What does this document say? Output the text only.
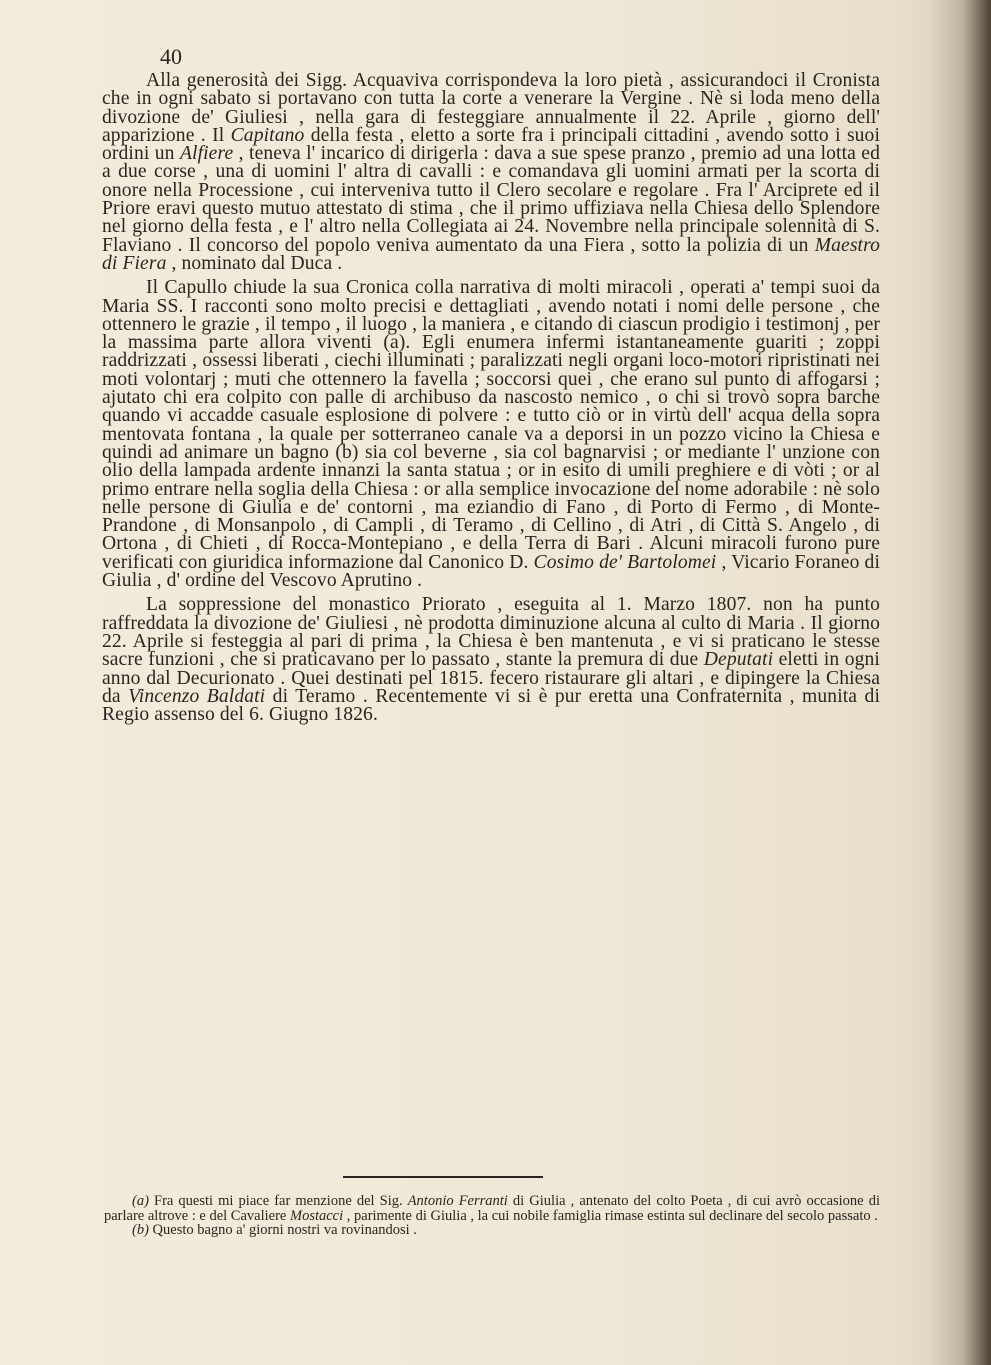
40

Alla generosità dei Sigg. Acquaviva corrispondeva la loro pietà , assicurandoci il Cronista che in ogni sabato si portavano con tutta la corte a venerare la Vergine . Nè si loda meno della divozione de' Giuliesi , nella gara di festeggiare annualmente il 22. Aprile , giorno dell' apparizione . Il Capitano della festa , eletto a sorte fra i principali cittadini , avendo sotto i suoi ordini un Alfiere , teneva l' incarico di dirigerla : dava a sue spese pranzo , premio ad una lotta ed a due corse , una di uomini l' altra di cavalli : e comandava gli uomini armati per la scorta di onore nella Processione , cui interveniva tutto il Clero secolare e regolare . Fra l' Arciprete ed il Priore eravi questo mutuo attestato di stima , che il primo uffiziava nella Chiesa dello Splendore nel giorno della festa , e l' altro nella Collegiata ai 24. Novembre nella principale solennità di S. Flaviano . Il concorso del popolo veniva aumentato da una Fiera , sotto la polizia di un Maestro di Fiera , nominato dal Duca .

Il Capullo chiude la sua Cronica colla narrativa di molti miracoli , operati a' tempi suoi da Maria SS. I racconti sono molto precisi e dettagliati , avendo notati i nomi delle persone , che ottennero le grazie , il tempo , il luogo , la maniera , e citando di ciascun prodigio i testimonj , per la massima parte allora viventi (a). Egli enumera infermi istantaneamente guariti ; zoppi raddrizzati , ossessi liberati , ciechi illuminati ; paralizzati negli organi loco-motori ripristinati nei moti volontarj ; muti che ottennero la favella ; soccorsi quei , che erano sul punto di affogarsi ; ajutato chi era colpito con palle di archibuso da nascosto nemico , o chi si trovò sopra barche quando vi accadde casuale esplosione di polvere : e tutto ciò or in virtù dell' acqua della sopra mentovata fontana , la quale per sotterraneo canale va a deporsi in un pozzo vicino la Chiesa e quindi ad animare un bagno (b) sia col beverne , sia col bagnarvisi ; or mediante l' unzione con olio della lampada ardente innanzi la santa statua ; or in esito di umili preghiere e di vòti ; or al primo entrare nella soglia della Chiesa : or alla semplice invocazione del nome adorabile : nè solo nelle persone di Giulia e de' contorni , ma eziandio di Fano , di Porto di Fermo , di Monte-Prandone , di Monsanpolo , di Campli , di Teramo , di Cellino , di Atri , di Città S. Angelo , di Ortona , di Chieti , di Rocca-Montepiano , e della Terra di Bari . Alcuni miracoli furono pure verificati con giuridica informazione dal Canonico D. Cosimo de' Bartolomei , Vicario Foraneo di Giulia , d' ordine del Vescovo Aprutino .

La soppressione del monastico Priorato , eseguita al 1. Marzo 1807. non ha punto raffreddata la divozione de' Giuliesi , nè prodotta diminuzione alcuna al culto di Maria . Il giorno 22. Aprile si festeggia al pari di prima , la Chiesa è ben mantenuta , e vi si praticano le stesse sacre funzioni , che si praticavano per lo passato , stante la premura di due Deputati eletti in ogni anno dal Decurionato . Quei destinati pel 1815. fecero ristaurare gli altari , e dipingere la Chiesa da Vincenzo Baldati di Teramo . Recentemente vi si è pur eretta una Confraternita , munita di Regio assenso del 6. Giugno 1826.

(a) Fra questi mi piace far menzione del Sig. Antonio Ferranti di Giulia , antenato del colto Poeta , di cui avrò occasione di parlare altrove : e del Cavaliere Mostacci , parimente di Giulia , la cui nobile famiglia rimase estinta sul declinare del secolo passato .

(b) Questo bagno a' giorni nostri va rovinandosi .
